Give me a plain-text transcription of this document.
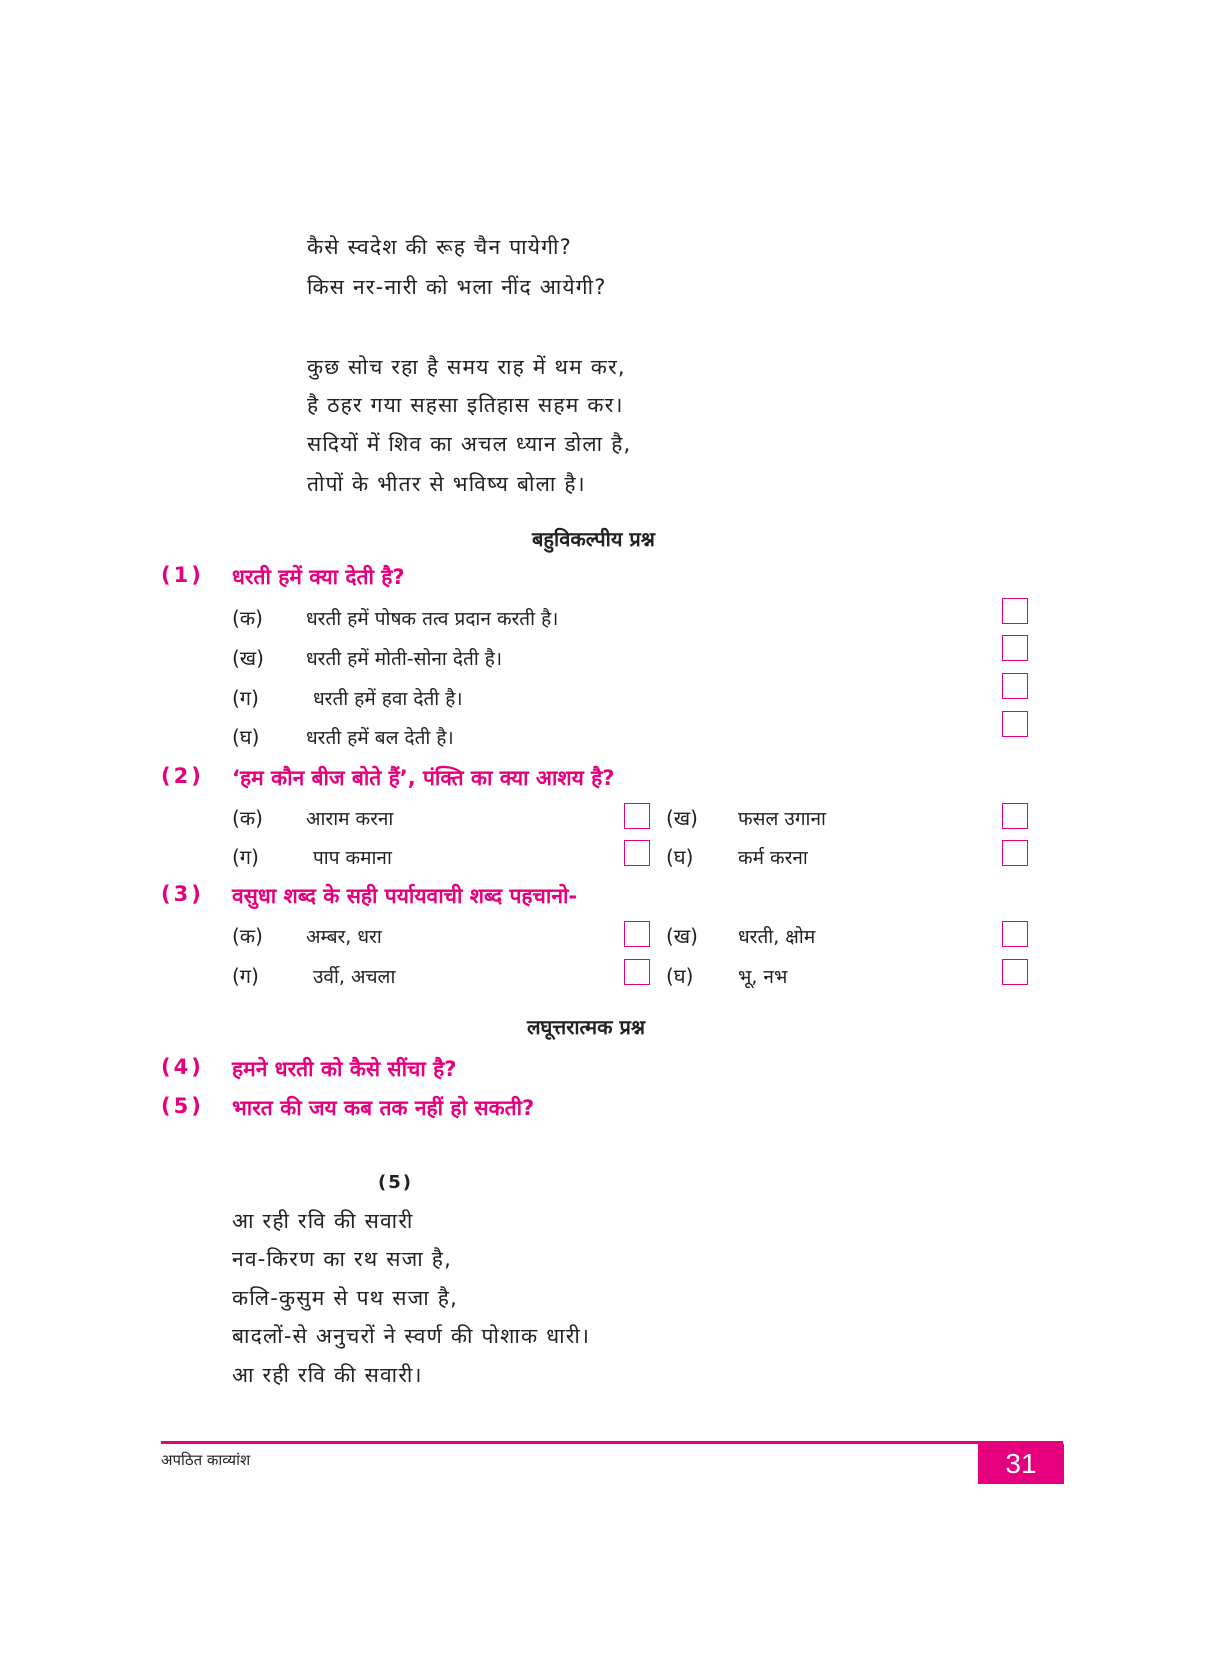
कैसे स्वदेश की रूह चैन पायेगी?
किस नर-नारी को भला नींद आयेगी?
कुछ सोच रहा है समय राह में थम कर,
है ठहर गया सहसा इतिहास सहम कर।
सदियों में शिव का अचल ध्यान डोला है,
तोपों के भीतर से भविष्य बोला है।
बहुविकल्पीय प्रश्न
(1) धरती हमें क्या देती है?
(क) धरती हमें पोषक तत्व प्रदान करती है।
(ख) धरती हमें मोती-सोना देती है।
(ग)	धरती हमें हवा देती है।
(घ) धरती हमें बल देती है।
(2) ‘हम कौन बीज बोते हैं’, पंक्ति का क्या आशय है?
(क) आराम करना	(ख) फसल उगाना
(ग)	पाप कमाना	(घ) कर्म करना
(3) वसुधा शब्द के सही पर्यायवाची शब्द पहचानो-
(क) अम्बर, धरा	(ख) धरती, क्षोम
(ग)	उर्वी, अचला	(घ) भू, नभ
लघूत्तरात्मक प्रश्न
(4) हमने धरती को कैसे सींचा है?
(5) भारत की जय कब तक नहीं हो सकती?
(5)
आ रही रवि की सवारी
नव-किरण का रथ सजा है,
कलि-कुसुम से पथ सजा है,
बादलों-से अनुचरों ने स्वर्ण की पोशाक धारी।
आ रही रवि की सवारी।
अपठित काव्यांश	31
